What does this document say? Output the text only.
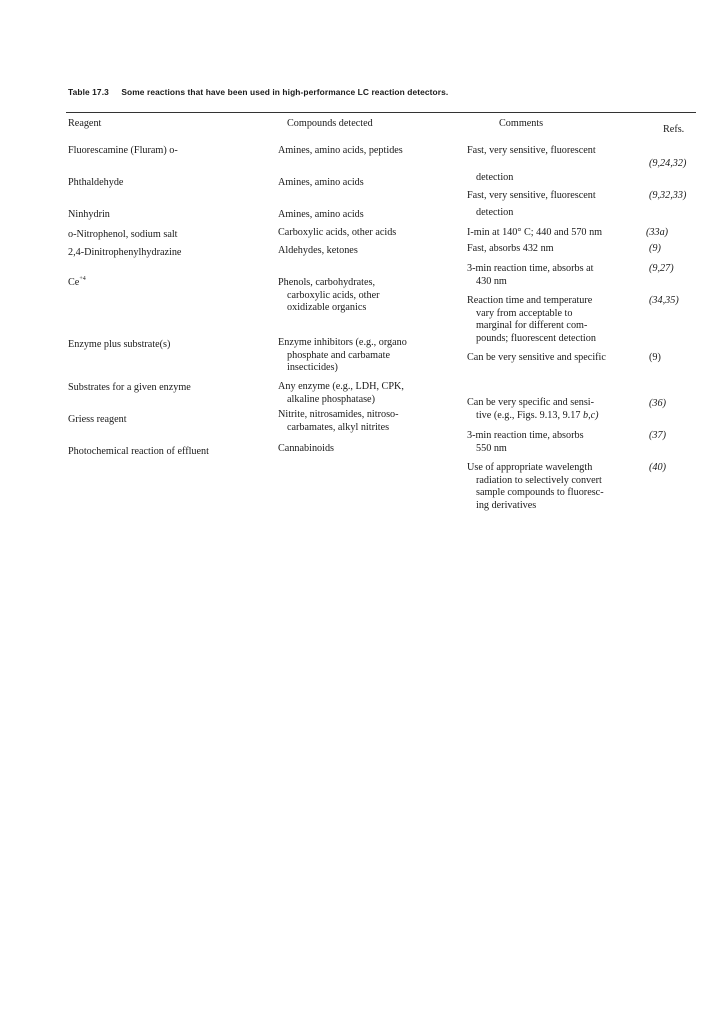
Table 17.3 Some reactions that have been used in high-performance LC reaction detectors.
Reagent	Compounds detected	Comments
Refs.
Fluorescamine (Fluram) o-
Phthaldehyde
Ninhydrin
o-Nitrophenol, sodium salt
2,4-Dinitrophenylhydrazine
$Ce^{+4}$
Enzyme plus substrate(s)
Substrates for a given enzyme
Griess reagent
Photochemical reaction of effluent
Amines, amino acids, peptides
Amines, amino acids
Amines, amino acids
Carboxylic acids, other acids
Aldehydes, ketones
Phenols, carbohydrates,
carboxylic acids, other
oxidizable organics
Enzyme inhibitors (e.g., organo
phosphate and carbamate
insecticides)
Any enzyme (e.g., LDH, CPK,
alkaline phosphatase)
Nitrite, nitrosamides, nitroso-
carbamates, alkyl nitrites
Cannabinoids
Fast, very sensitive, fluorescent
detection
Fast, very sensitive, fluorescent
detection
I-min at 140° C; 440 and 570 nm
Fast, absorbs 432 nm
3-min reaction time, absorbs at
430 nm
Reaction time and temperature
vary from acceptable to
marginal for different com-
pounds; fluorescent detection
Can be very sensitive and specific
Can be very specific and sensi-
tive (e.g., Figs. 9.13, 9.17 b,c)
3-min reaction time, absorbs
550 nm
Use of appropriate wavelength
radiation to selectively convert
sample compounds to fluoresc-
ing derivatives
(9,24,32)
(9,32,33)
(33a)
(9)
(9,27)
(34,35)
(9)
(36)
(37)
(40)
